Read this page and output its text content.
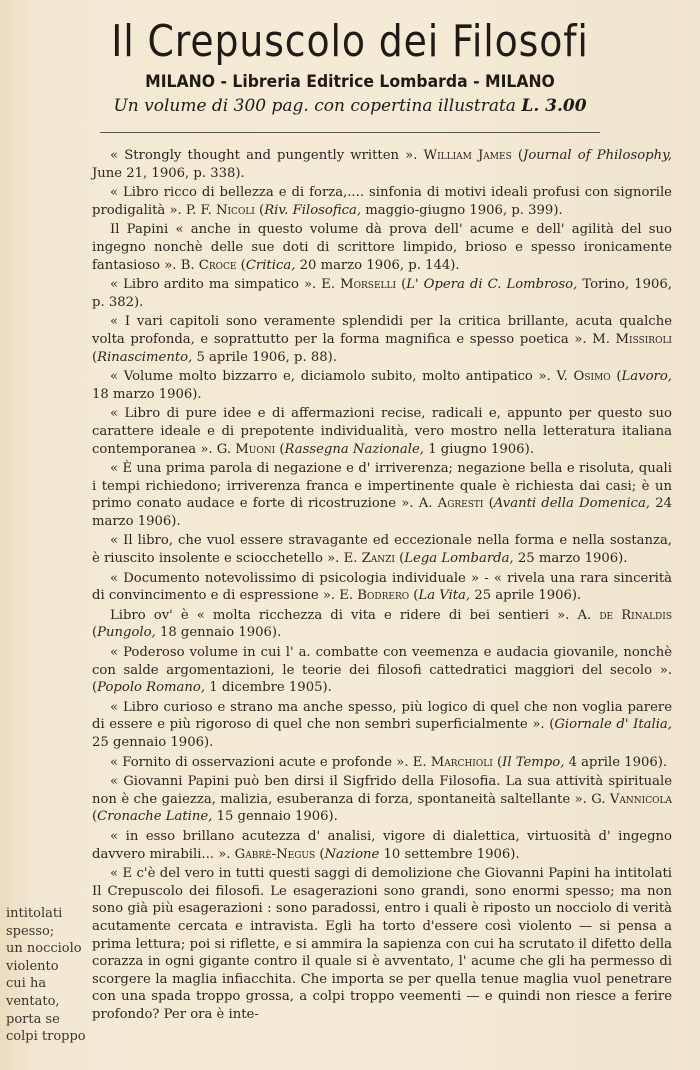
Il Crepuscolo dei Filosofi
MILANO - Libreria Editrice Lombarda - MILANO
Un volume di 300 pag. con copertina illustrata L. 3.00

« Strongly thought and pungently written ». William James (Journal of Philosophy, June 21, 1906, p. 338).

« Libro ricco di bellezza e di forza,.... sinfonia di motivi ideali profusi con signorile prodigalità ». P. F. Nicoli (Riv. Filosofica, maggio-giugno 1906, p. 399).

Il Papini « anche in questo volume dà prova dell' acume e dell' agilità del suo ingegno nonchè delle sue doti di scrittore limpido, brioso e spesso ironicamente fantasioso ». B. Croce (Critica, 20 marzo 1906, p. 144).

« Libro ardito ma simpatico ». E. Morselli (L' Opera di C. Lombroso, Torino, 1906, p. 382).

« I vari capitoli sono veramente splendidi per la critica brillante, acuta qualche volta profonda, e soprattutto per la forma magnifica e spesso poetica ». M. Missiroli (Rinascimento, 5 aprile 1906, p. 88).

« Volume molto bizzarro e, diciamolo subito, molto antipatico ». V. Osimo (Lavoro, 18 marzo 1906).

« Libro di pure idee e di affermazioni recise, radicali e, appunto per questo suo carattere ideale e di prepotente individualità, vero mostro nella letteratura italiana contemporanea ». G. Muoni (Rassegna Nazionale, 1 giugno 1906).

« È una prima parola di negazione e d' irriverenza; negazione bella e risoluta, quali i tempi richiedono; irriverenza franca e impertinente quale è richiesta dai casi; è un primo conato audace e forte di ricostruzione ». A. Agresti (Avanti della Domenica, 24 marzo 1906).

« Il libro, che vuol essere stravagante ed eccezionale nella forma e nella sostanza, è riuscito insolente e sciocchetello ». E. Zanzi (Lega Lombarda, 25 marzo 1906).

« Documento notevolissimo di psicologia individuale » - « rivela una rara sincerità di convincimento e di espressione ». E. Bodrero (La Vita, 25 aprile 1906).

Libro ov' è « molta ricchezza di vita e ridere di bei sentieri ». A. de Rinaldis (Pungolo, 18 gennaio 1906).

« Poderoso volume in cui l' a. combatte con veemenza e audacia giovanile, nonchè con salde argomentazioni, le teorie dei filosofi cattedratici maggiori del secolo ». (Popolo Romano, 1 dicembre 1905).

« Libro curioso e strano ma anche spesso, più logico di quel che non voglia parere di essere e più rigoroso di quel che non sembri superficialmente ». (Giornale d' Italia, 25 gennaio 1906).

« Fornito di osservazioni acute e profonde ». E. Marchioli (Il Tempo, 4 aprile 1906).

« Giovanni Papini può ben dirsi il Sigfrido della Filosofia. La sua attività spirituale non è che gaiezza, malizia, esuberanza di forza, spontaneità saltellante ». G. Vannicola (Cronache Latine, 15 gennaio 1906).

« in esso brillano acutezza d' analisi, vigore di dialettica, virtuosità d' ingegno davvero mirabili... ». Gabrè-Negus (Nazione 10 settembre 1906).

« E c'è del vero in tutti questi saggi di demolizione che Giovanni Papini ha intitolati Il Crepuscolo dei filosofi. Le esagerazioni sono grandi, sono enormi spesso; ma non sono già più esagerazioni : sono paradossi, entro i quali è riposto un nocciolo di verità acutamente cercata e intravista. Egli ha torto d'essere così violento — si pensa a prima lettura; poi si riflette, e si ammira la sapienza con cui ha scrutato il difetto della corazza in ogni gigante contro il quale si è avventato, l' acume che gli ha permesso di scorgere la maglia infiacchita. Che importa se per quella tenue maglia vuol penetrare con una spada troppo grossa, a colpi troppo veementi — e quindi non riesce a ferire profondo? Per ora è inte-

intitolati
spesso;
un nocciolo
violento
cui ha
ventato,
porta se
colpi troppo
